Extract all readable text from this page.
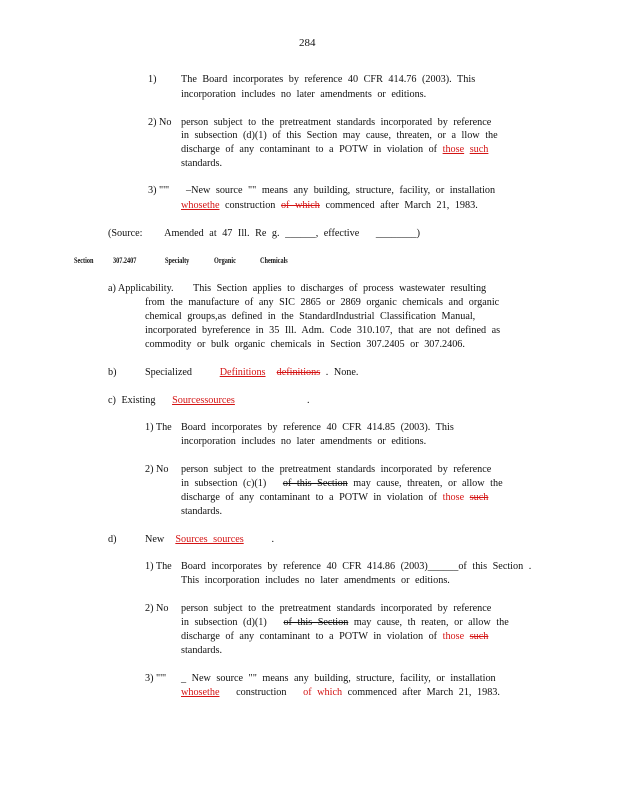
284
1) The Board incorporates by reference 40 CFR 414.76 (2003). This
incorporation includes no later amendments or editions.
2) No person subject to the pretreatment standards incorporated by reference
in subsection (d)(1) of this Section may cause, threaten, or a llow the
discharge of any contaminant to a POTW in violation of those such
standards.
3) "'" –New source "" means any building, structure, facility, or installation
whosethe construction of which commenced after March 21, 1983.
(Source: Amended at 47 Ill. Re g. ______, effective ________)
Section 307.2407	Specialty	Organic	Chemicals
a) Applicability. This Section applies to discharges of process wastewater resulting
from the manufacture of any SIC 2865 or 2869 organic chemicals and organic
chemical groups,as defined in the StandardIndustrial Classification Manual,
incorporated byreference in 35 Ill. Adm. Code 310.107, that are not defined as
commodity or bulk organic chemicals in Section 307.2405 or 307.2406.
b)	Specialized	Definitions definitions . None.
c) Existing Sourcessources	.
1) The Board incorporates by reference 40 CFR 414.85 (2003). This
incorporation includes no later amendments or editions.
2) No person subject to the pretreatment standards incorporated by reference
in subsection (c)(1) of this Section may cause, threaten, or allow the
discharge of any contaminant to a POTW in violation of those such
standards.
d)	New Sources sources	.
1) The Board incorporates by reference 40 CFR 414.86 (2003)______of this Section .
This incorporation includes no later amendments or editions.
2) No person subject to the pretreatment standards incorporated by reference
in subsection (d)(1) of this Section may cause, th reaten, or allow the
discharge of any contaminant to a POTW in violation of those such
standards.
3) "'" _ New source "" means any building, structure, facility, or installation
whosethe construction of which commenced after March 21, 1983.
